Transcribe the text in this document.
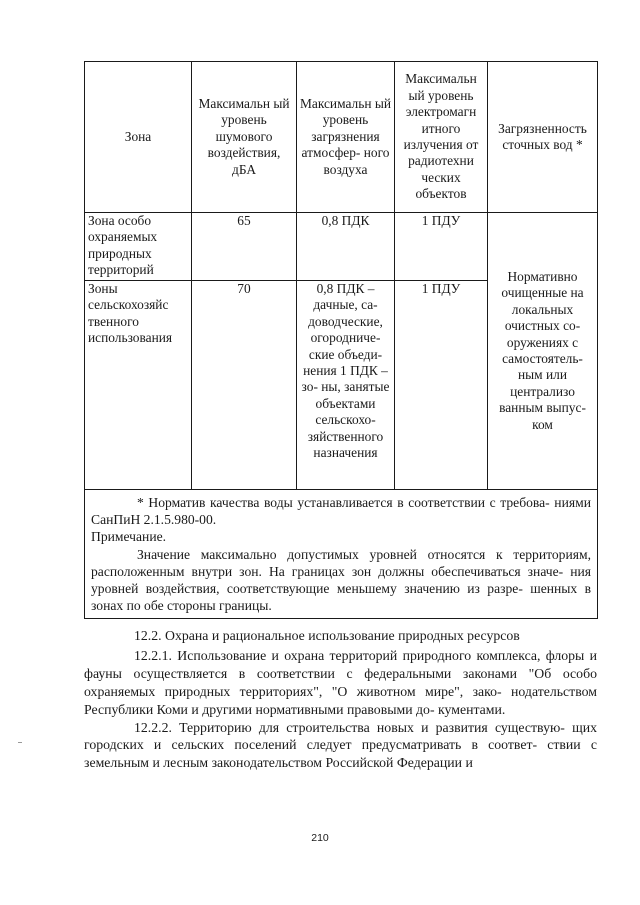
Зона	Максимальн ый уровень шумового воздействия, дБА	Максимальн ый уровень загрязнения атмосфер- ного воздуха	Максимальн ый уровень электромагн итного излучения от радиотехни ческих объектов	Загрязненность сточных вод *
Зона особо охраняемых природных территорий	65	0,8 ПДК	1 ПДУ	Нормативно очищенные на локальных очистных со- оружениях с самостоятель- ным или централизо ванным выпус- ком
Зоны сельскохозяйс твенного использования	70	0,8 ПДК – дачные, са- доводческие, огородниче- ские объеди- нения 1 ПДК – зо- ны, занятые объектами сельскохо- зяйственного назначения	1 ПДУ	

* Норматив качества воды устанавливается в соответствии с требова- ниями СанПиН 2.1.5.980-00.

Примечание.

Значение максимально допустимых уровней относятся к территориям, расположенным внутри зон. На границах зон должны обеспечиваться значе- ния уровней воздействия, соответствующие меньшему значению из разре- шенных в зонах по обе стороны границы.				

12.2. Охрана и рациональное использование природных ресурсов

12.2.1. Использование и охрана территорий природного комплекса, флоры и фауны осуществляется в соответствии с федеральными законами "Об особо охраняемых природных территориях", "О животном мире", зако- нодательством Республики Коми и другими нормативными правовыми до- кументами.

12.2.2. Территорию для строительства новых и развития существую- щих городских и сельских поселений следует предусматривать в соответ- ствии с земельным и лесным законодательством Российской Федерации и

210
